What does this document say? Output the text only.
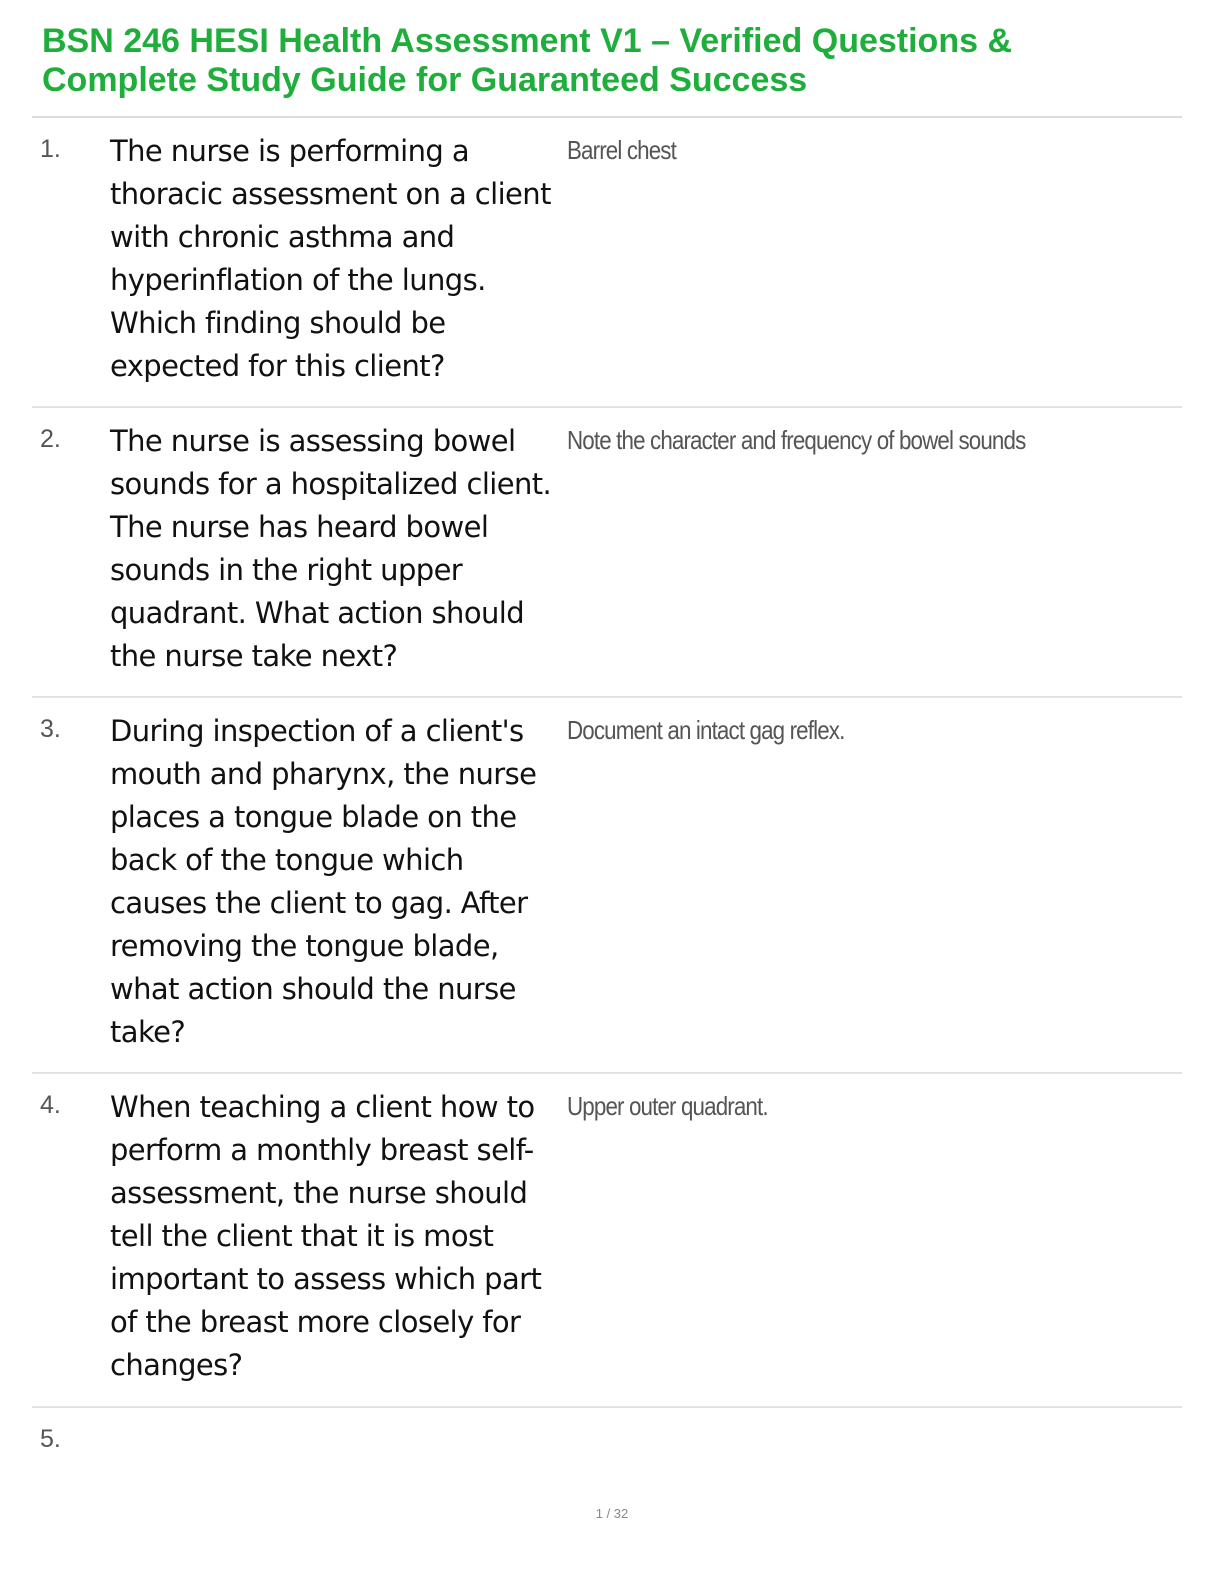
BSN 246 HESI Health Assessment V1 – Verified Questions & Complete Study Guide for Guaranteed Success
1. The nurse is performing a thoracic assessment on a client with chronic asthma and hyperinflation of the lungs. Which finding should be expected for this client?
Barrel chest
2. The nurse is assessing bowel sounds for a hospitalized client. The nurse has heard bowel sounds in the right upper quadrant. What action should the nurse take next?
Note the character and frequency of bowel sounds
3. During inspection of a client's mouth and pharynx, the nurse places a tongue blade on the back of the tongue which causes the client to gag. After removing the tongue blade, what action should the nurse take?
Document an intact gag reflex.
4. When teaching a client how to perform a monthly breast self-assessment, the nurse should tell the client that it is most important to assess which part of the breast more closely for changes?
Upper outer quadrant.
5.
1 / 32
